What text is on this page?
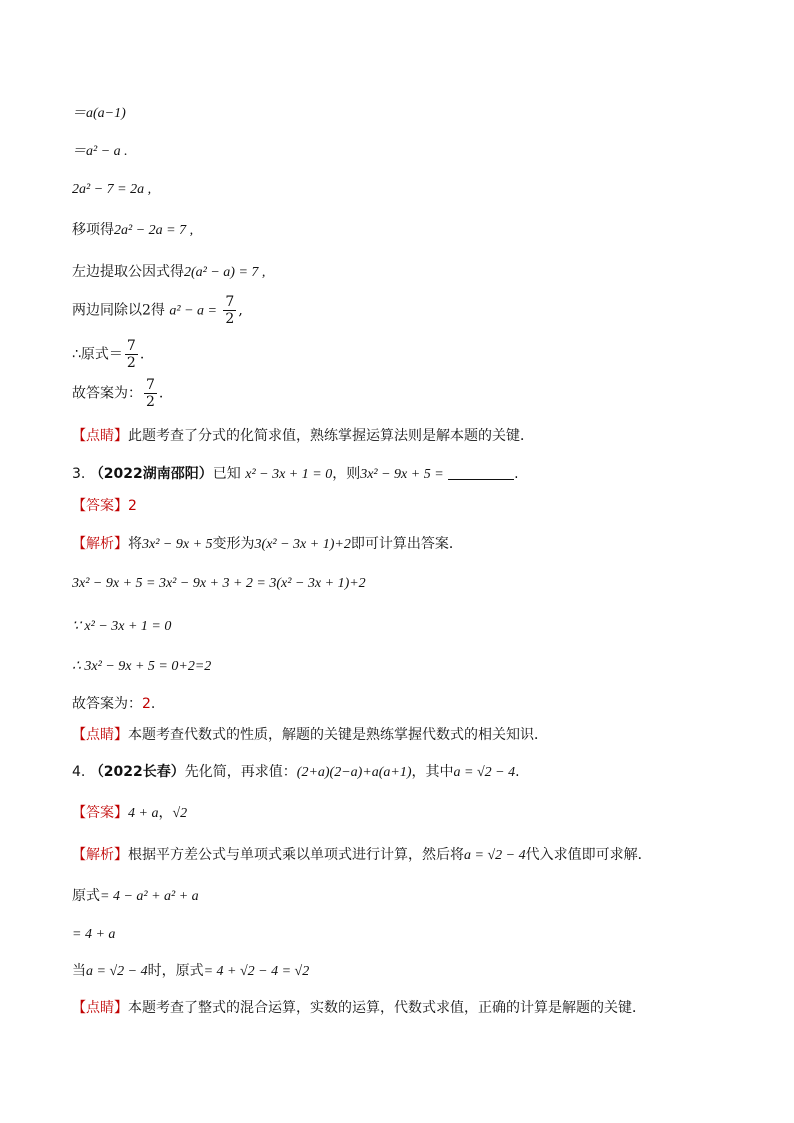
＝a(a−1)
＝a² − a .
2a² − 7 = 2a ,
移项得2a² − 2a = 7 ,
左边提取公因式得2(a² − a) = 7 ,
两边同除以2得 $a^2 - a = \frac{7}{2}$ ,
∴原式＝ $\frac{7}{2}$ .
故答案为： $\frac{7}{2}$ .
【点睛】此题考查了分式的化简求值，熟练掌握运算法则是解本题的关键．
3. （2022湖南邵阳）已知 x² − 3x + 1 = 0，则3x² − 9x + 5 =	.
【答案】2
【解析】将3x² − 9x + 5变形为3(x² − 3x + 1)+2即可计算出答案．
3x² − 9x + 5 = 3x² − 9x + 3 + 2 = 3(x² − 3x + 1)+2
∵ x² − 3x + 1 = 0
∴ 3x² − 9x + 5 = 0+2=2
故答案为：2.
【点睛】本题考查代数式的性质，解题的关键是熟练掌握代数式的相关知识．
4. （2022长春）先化简，再求值：(2+a)(2−a)+a(a+1)，其中a = √2 − 4.
【答案】4 + a，√2
【解析】根据平方差公式与单项式乘以单项式进行计算，然后将a = √2 − 4代入求值即可求解．
原式= 4 − a² + a² + a
= 4 + a
当a = √2 − 4时，原式= 4 + √2 − 4 = √2
【点睛】本题考查了整式的混合运算，实数的运算，代数式求值，正确的计算是解题的关键．
